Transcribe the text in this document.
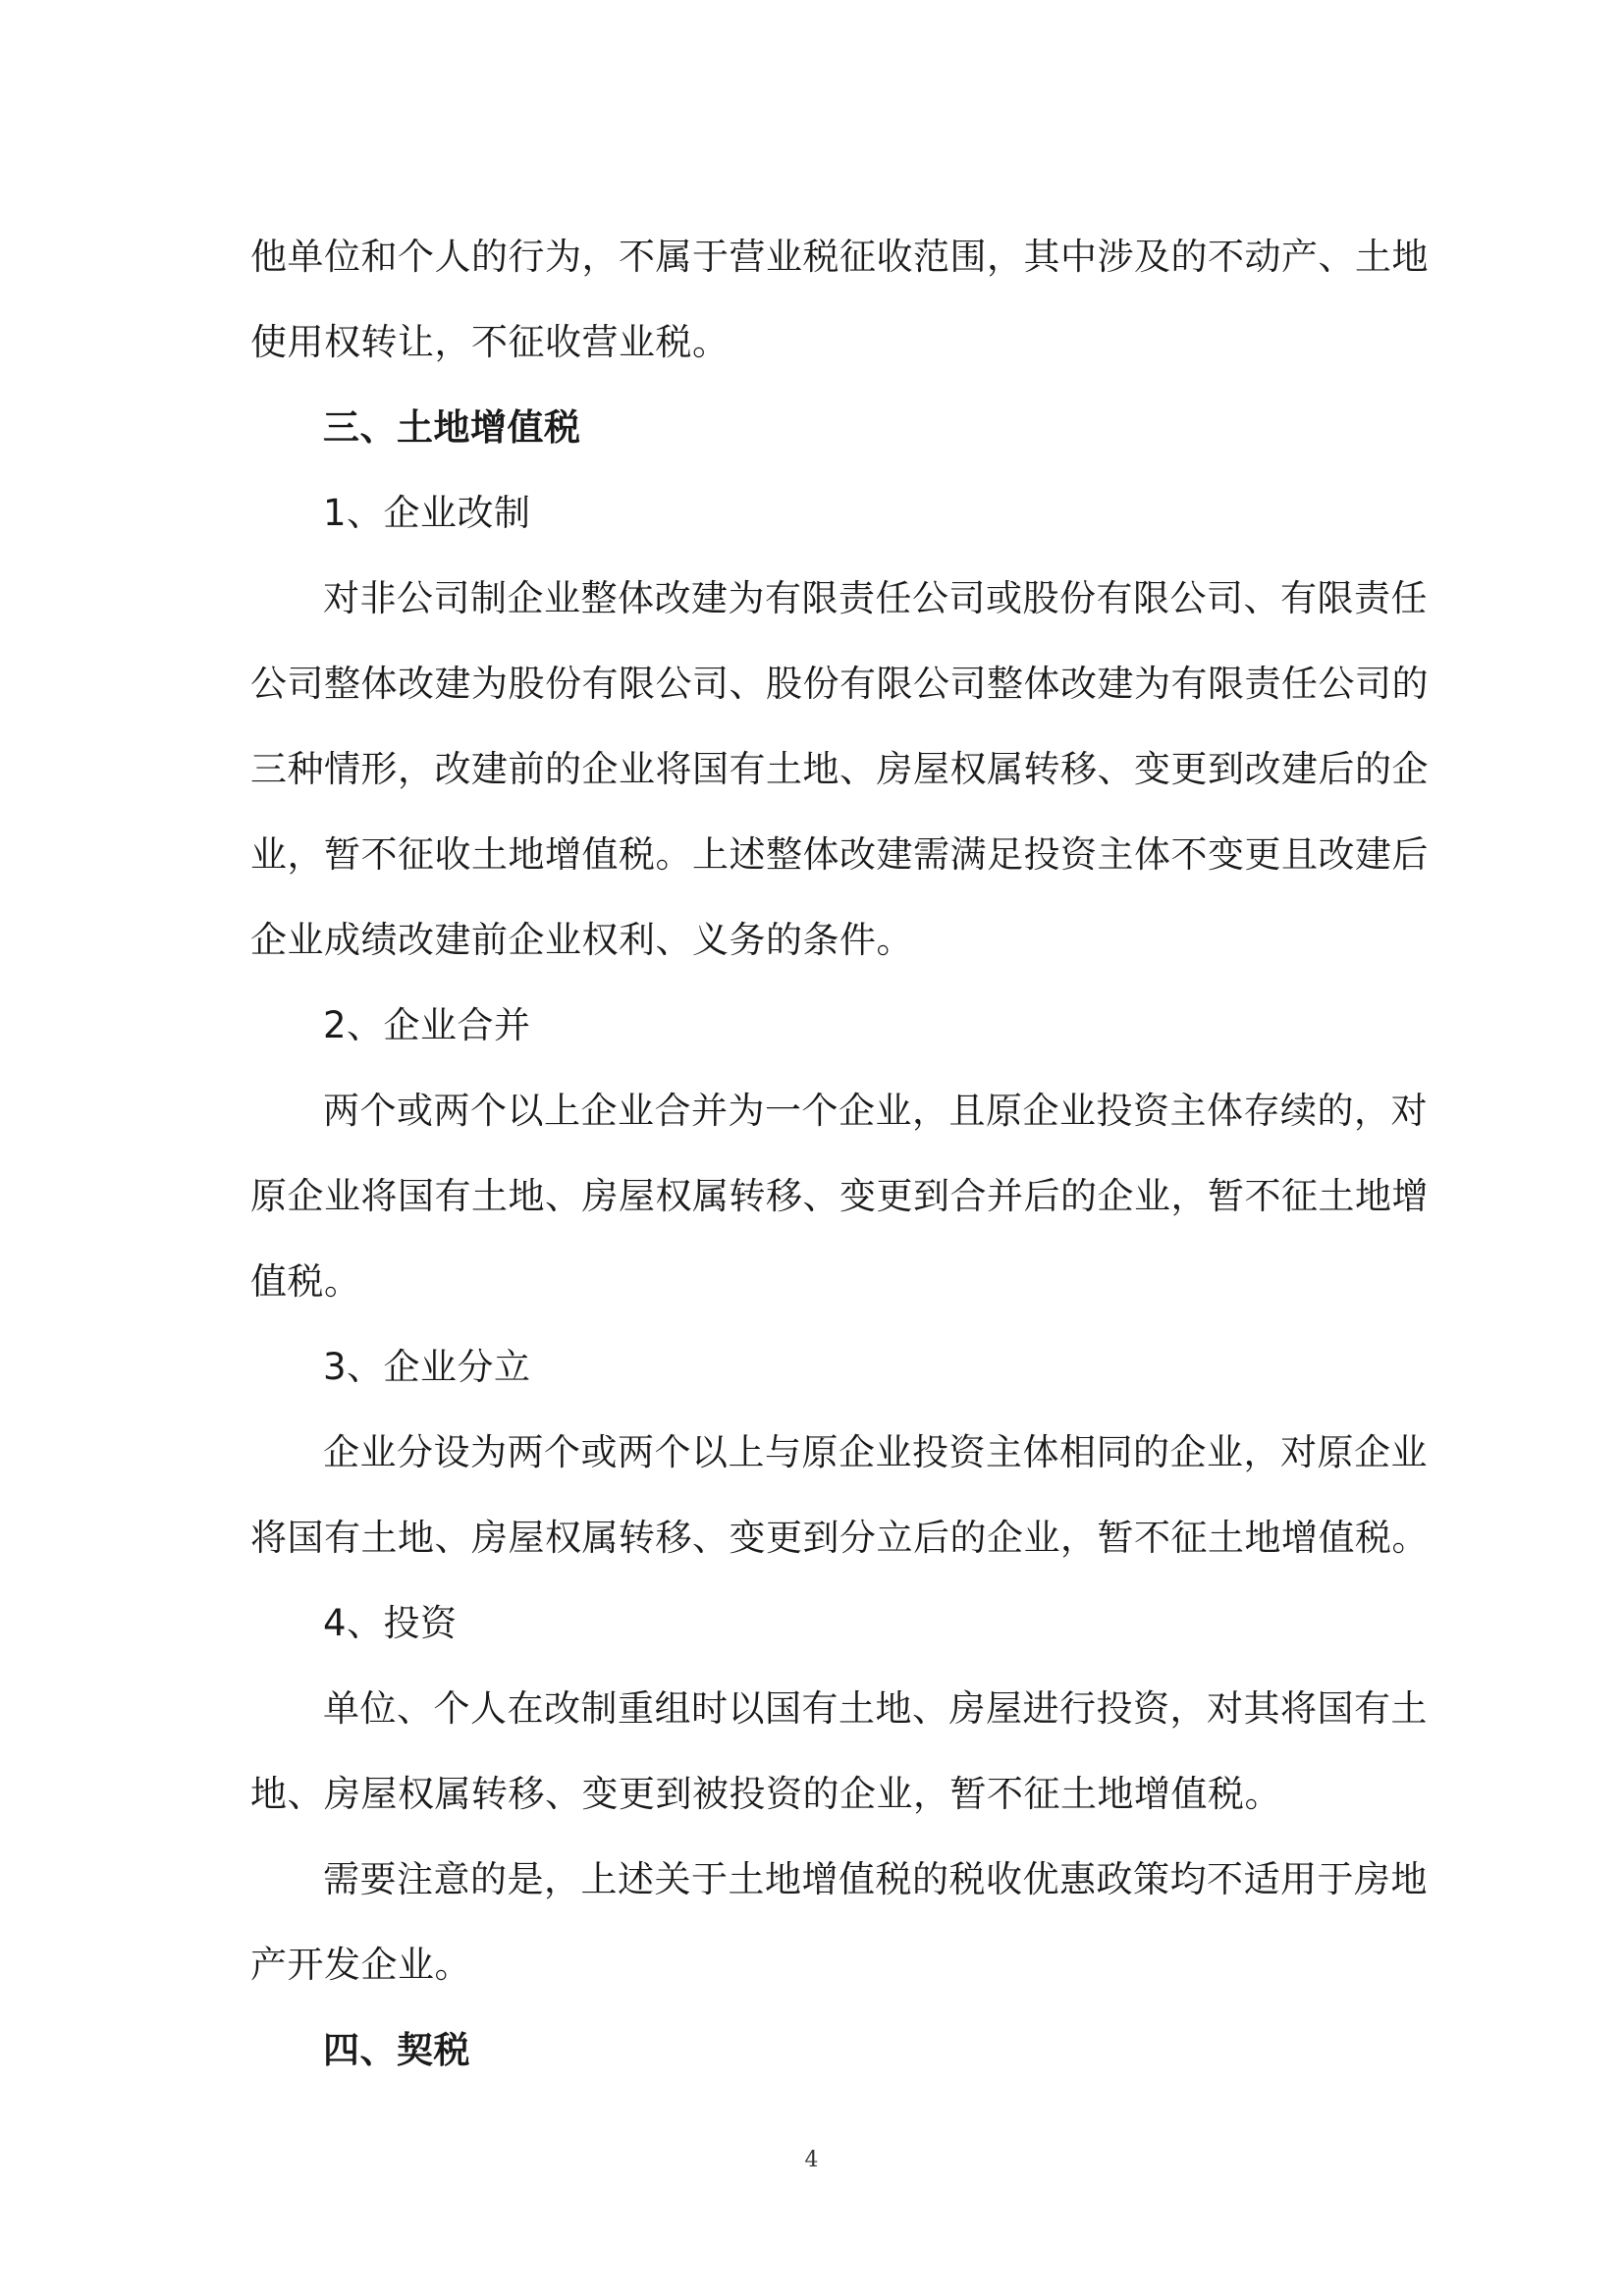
他单位和个人的行为，不属于营业税征收范围，其中涉及的不动产、土地
使用权转让，不征收营业税。
三、土地增值税
1、企业改制
对非公司制企业整体改建为有限责任公司或股份有限公司、有限责任
公司整体改建为股份有限公司、股份有限公司整体改建为有限责任公司的
三种情形，改建前的企业将国有土地、房屋权属转移、变更到改建后的企
业，暂不征收土地增值税。上述整体改建需满足投资主体不变更且改建后
企业成绩改建前企业权利、义务的条件。
2、企业合并
两个或两个以上企业合并为一个企业，且原企业投资主体存续的，对
原企业将国有土地、房屋权属转移、变更到合并后的企业，暂不征土地增
值税。
3、企业分立
企业分设为两个或两个以上与原企业投资主体相同的企业，对原企业
将国有土地、房屋权属转移、变更到分立后的企业，暂不征土地增值税。
4、投资
单位、个人在改制重组时以国有土地、房屋进行投资，对其将国有土
地、房屋权属转移、变更到被投资的企业，暂不征土地增值税。
需要注意的是，上述关于土地增值税的税收优惠政策均不适用于房地
产开发企业。
四、契税
4
